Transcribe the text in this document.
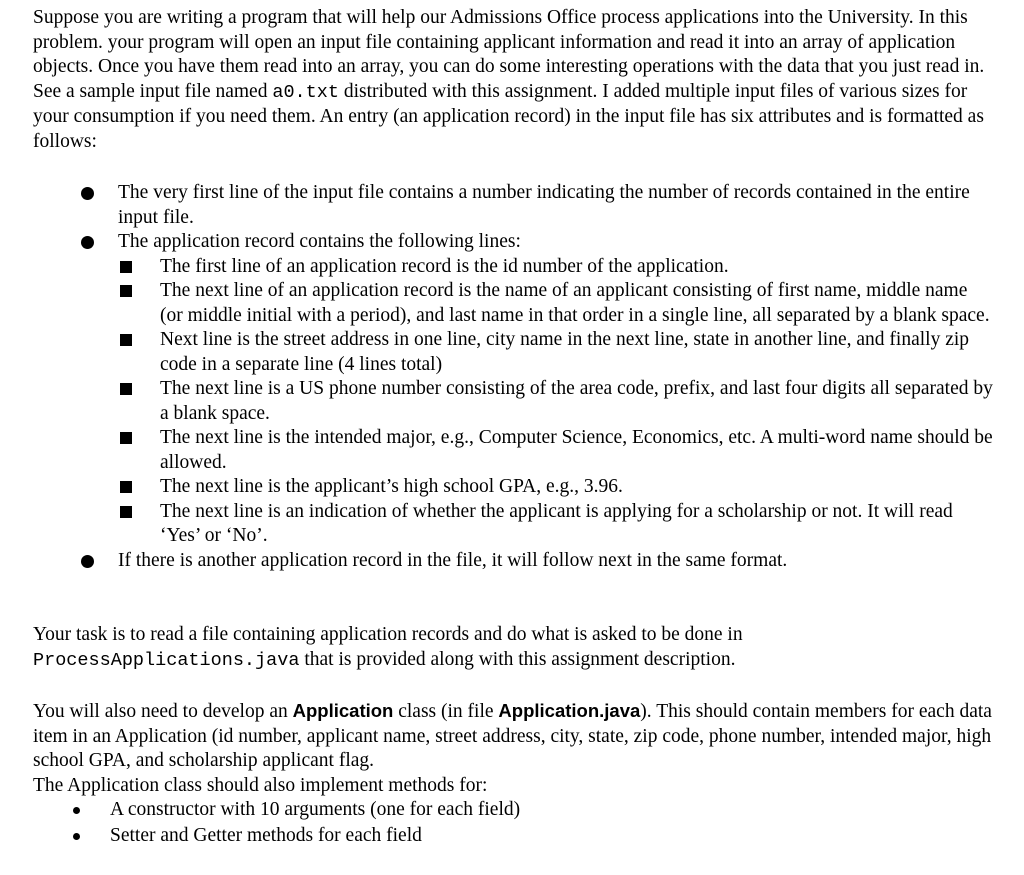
Suppose you are writing a program that will help our Admissions Office process applications into the University. In this problem. your program will open an input file containing applicant information and read it into an array of application objects. Once you have them read into an array, you can do some interesting operations with the data that you just read in. See a sample input file named a0.txt distributed with this assignment. I added multiple input files of various sizes for your consumption if you need them. An entry (an application record) in the input file has six attributes and is formatted as follows:

The very first line of the input file contains a number indicating the number of records contained in the entire input file.
The application record contains the following lines:
The first line of an application record is the id number of the application.
The next line of an application record is the name of an applicant consisting of first name, middle name (or middle initial with a period), and last name in that order in a single line, all separated by a blank space.
Next line is the street address in one line, city name in the next line, state in another line, and finally zip code in a separate line (4 lines total)
The next line is a US phone number consisting of the area code, prefix, and last four digits all separated by a blank space.
The next line is the intended major, e.g., Computer Science, Economics, etc. A multi-word name should be allowed.
The next line is the applicant’s high school GPA, e.g., 3.96.
The next line is an indication of whether the applicant is applying for a scholarship or not. It will read ‘Yes’ or ‘No’.
If there is another application record in the file, it will follow next in the same format.

Your task is to read a file containing application records and do what is asked to be done in ProcessApplications.java that is provided along with this assignment description.

You will also need to develop an Application class (in file Application.java). This should contain members for each data item in an Application (id number, applicant name, street address, city, state, zip code, phone number, intended major, high school GPA, and scholarship applicant flag.

The Application class should also implement methods for:

A constructor with 10 arguments (one for each field)
Setter and Getter methods for each field
